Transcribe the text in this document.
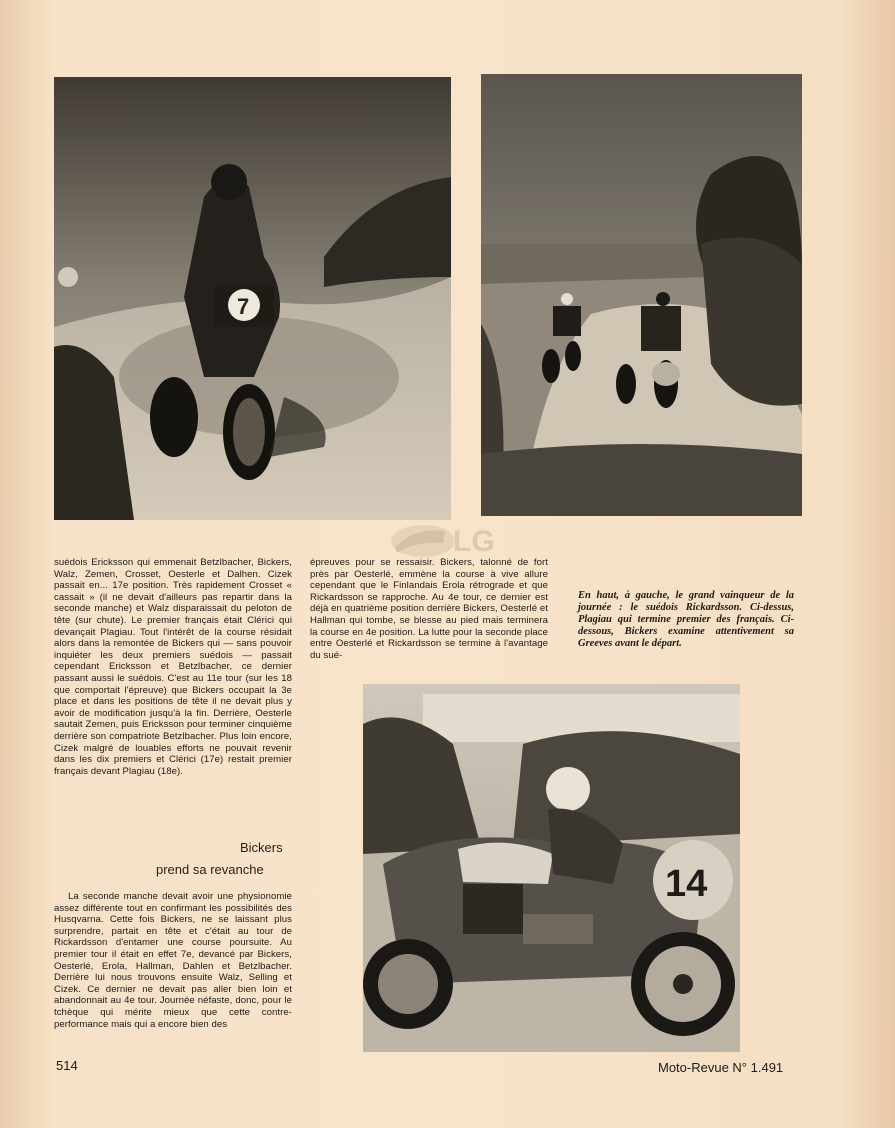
7
LG

suédois Ericksson qui emmenait Betzlbacher, Bickers, Walz, Zemen, Crosset, Oesterle et Dalhen. Cizek passait en... 17e position. Très rapidement Crosset « cassait » (il ne devait d'ailleurs pas repartir dans la seconde manche) et Walz disparaissait du peloton de tête (sur chute). Le premier français était Clérici qui devançait Plagiau. Tout l'intérêt de la course résidait alors dans la remontée de Bickers qui — sans pouvoir inquiéter les deux premiers suédois — passait cependant Ericksson et Betzlbacher, ce dernier passant aussi le suédois. C'est au 11e tour (sur les 18 que comportait l'épreuve) que Bickers occupait la 3e place et dans les positions de tête il ne devait plus y avoir de modification jusqu'à la fin. Derrière, Oesterle sautait Zemen, puis Ericksson pour terminer cinquième derrière son compatriote Betzlbacher. Plus loin encore, Cizek malgré de louables efforts ne pouvait revenir dans les dix premiers et Clérici (17e) restait premier français devant Plagiau (18e).

Bickers
prend sa revanche

La seconde manche devait avoir une physionomie assez différente tout en confirmant les possibilités des Husqvarna. Cette fois Bickers, ne se laissant plus surprendre, partait en tête et c'était au tour de Rickardsson d'entamer une course poursuite. Au premier tour il était en effet 7e, devancé par Bickers, Oesterlé, Erola, Hallman, Dahlen et Betzlbacher. Derrière lui nous trouvons ensuite Walz, Selling et Cizek. Ce dernier ne devait pas aller bien loin et abandonnait au 4e tour. Journée néfaste, donc, pour le tchèque qui mérite mieux que cette contre-performance mais qui a encore bien des

épreuves pour se ressaisir. Bickers, talonné de fort près par Oesterlé, emmène la course à vive allure cependant que le Finlandais Erola rétrograde et que Rickardsson se rapproche. Au 4e tour, ce dernier est déjà en quatrième position derrière Bickers, Oesterlé et Hallman qui tombe, se blesse au pied mais terminera la course en 4e position. La lutte pour la seconde place entre Oesterlé et Rickardsson se termine à l'avantage du sué-

En haut, à gauche, le grand vainqueur de la journée : le suédois Rickardsson. Ci-dessus, Plagiau qui termine premier des français. Ci-dessous, Bickers examine attentivement sa Greeves avant le départ.
14
514	Moto-Revue N° 1.491
